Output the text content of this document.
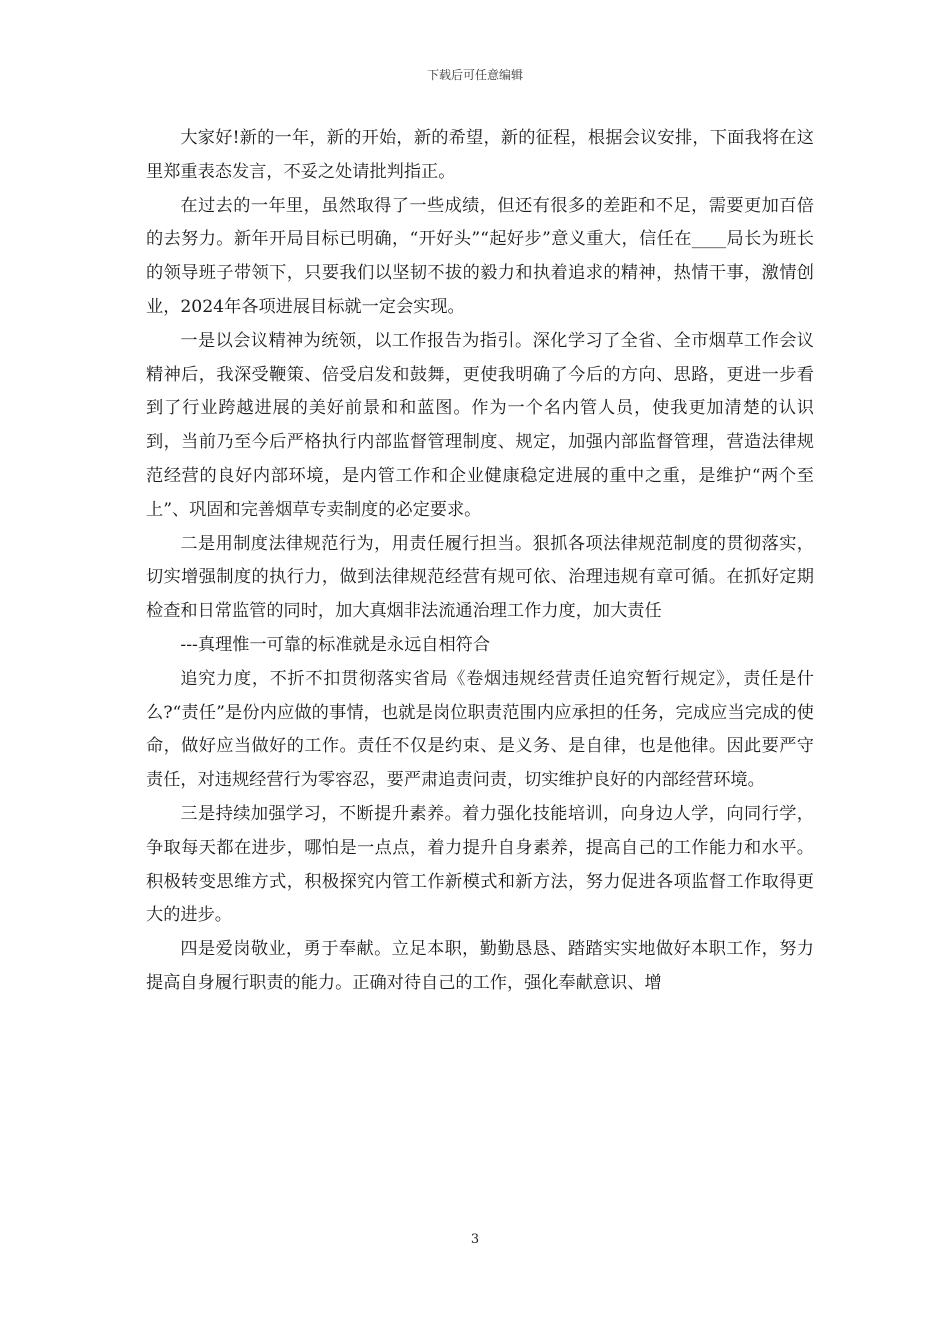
下载后可任意编辑

大家好!新的一年，新的开始，新的希望，新的征程，根据会议安排，下面我将在这里郑重表态发言，不妥之处请批判指正。

在过去的一年里，虽然取得了一些成绩，但还有很多的差距和不足，需要更加百倍的去努力。新年开局目标已明确，“开好头”“起好步”意义重大，信任在____局长为班长的领导班子带领下，只要我们以坚韧不拔的毅力和执着追求的精神，热情干事，激情创业，2024年各项进展目标就一定会实现。

一是以会议精神为统领，以工作报告为指引。深化学习了全省、全市烟草工作会议精神后，我深受鞭策、倍受启发和鼓舞，更使我明确了今后的方向、思路，更进一步看到了行业跨越进展的美好前景和和蓝图。作为一个名内管人员，使我更加清楚的认识到，当前乃至今后严格执行内部监督管理制度、规定，加强内部监督管理，营造法律规范经营的良好内部环境，是内管工作和企业健康稳定进展的重中之重，是维护“两个至上”、巩固和完善烟草专卖制度的必定要求。

二是用制度法律规范行为，用责任履行担当。狠抓各项法律规范制度的贯彻落实，切实增强制度的执行力，做到法律规范经营有规可依、治理违规有章可循。在抓好定期检查和日常监管的同时，加大真烟非法流通治理工作力度，加大责任

---真理惟一可靠的标准就是永远自相符合

追究力度，不折不扣贯彻落实省局《卷烟违规经营责任追究暂行规定》，责任是什么?“责任”是份内应做的事情，也就是岗位职责范围内应承担的任务，完成应当完成的使命，做好应当做好的工作。责任不仅是约束、是义务、是自律，也是他律。因此要严守责任，对违规经营行为零容忍，要严肃追责问责，切实维护良好的内部经营环境。

三是持续加强学习，不断提升素养。着力强化技能培训，向身边人学，向同行学，争取每天都在进步，哪怕是一点点，着力提升自身素养，提高自己的工作能力和水平。积极转变思维方式，积极探究内管工作新模式和新方法，努力促进各项监督工作取得更大的进步。

四是爱岗敬业，勇于奉献。立足本职，勤勤恳恳、踏踏实实地做好本职工作，努力提高自身履行职责的能力。正确对待自己的工作，强化奉献意识、增

3
